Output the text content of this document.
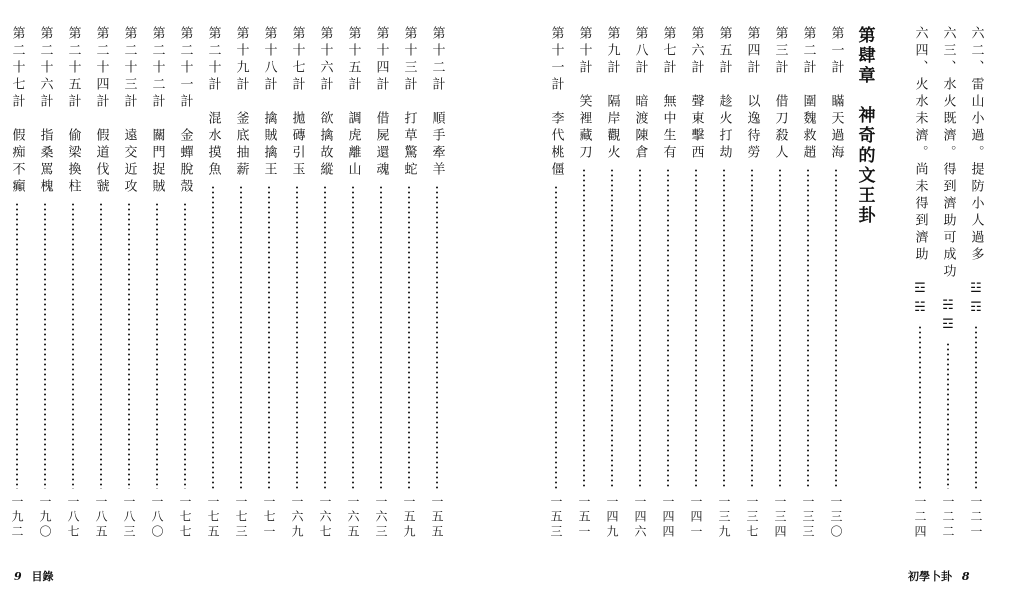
第十二計　順手牽羊
一五五
第十三計　打草驚蛇
一五九
第十四計　借屍還魂
一六三
第十五計　調虎離山
一六五
第十六計　欲擒故縱
一六七
第十七計　拋磚引玉
一六九
第十八計　擒賊擒王
一七一
第十九計　釜底抽薪
一七三
第二十計　混水摸魚
一七五
第二十一計　金蟬脫殼
一七七
第二十二計　關門捉賊
一八〇
第二十三計　遠交近攻
一八三
第二十四計　假道伐虢
一八五
第二十五計　偷梁換柱
一八七
第二十六計　指桑罵槐
一九〇
第二十七計　假痴不癲
一九二
9 目錄
六二、雷山小過。提防小人過多　☳☶
一二一
六三、水火既濟。得到濟助可成功　☵☲
一二二
六四、火水未濟。尚未得到濟助　☲☵
一二四
第肆章　神奇的文王卦
第一計　瞞天過海
一三〇
第二計　圍魏救趙
一三三
第三計　借刀殺人
一三四
第四計　以逸待勞
一三七
第五計　趁火打劫
一三九
第六計　聲東擊西
一四一
第七計　無中生有
一四四
第八計　暗渡陳倉
一四六
第九計　隔岸觀火
一四九
第十計　笑裡藏刀
一五一
第十一計　李代桃僵
一五三
初學卜卦 8
